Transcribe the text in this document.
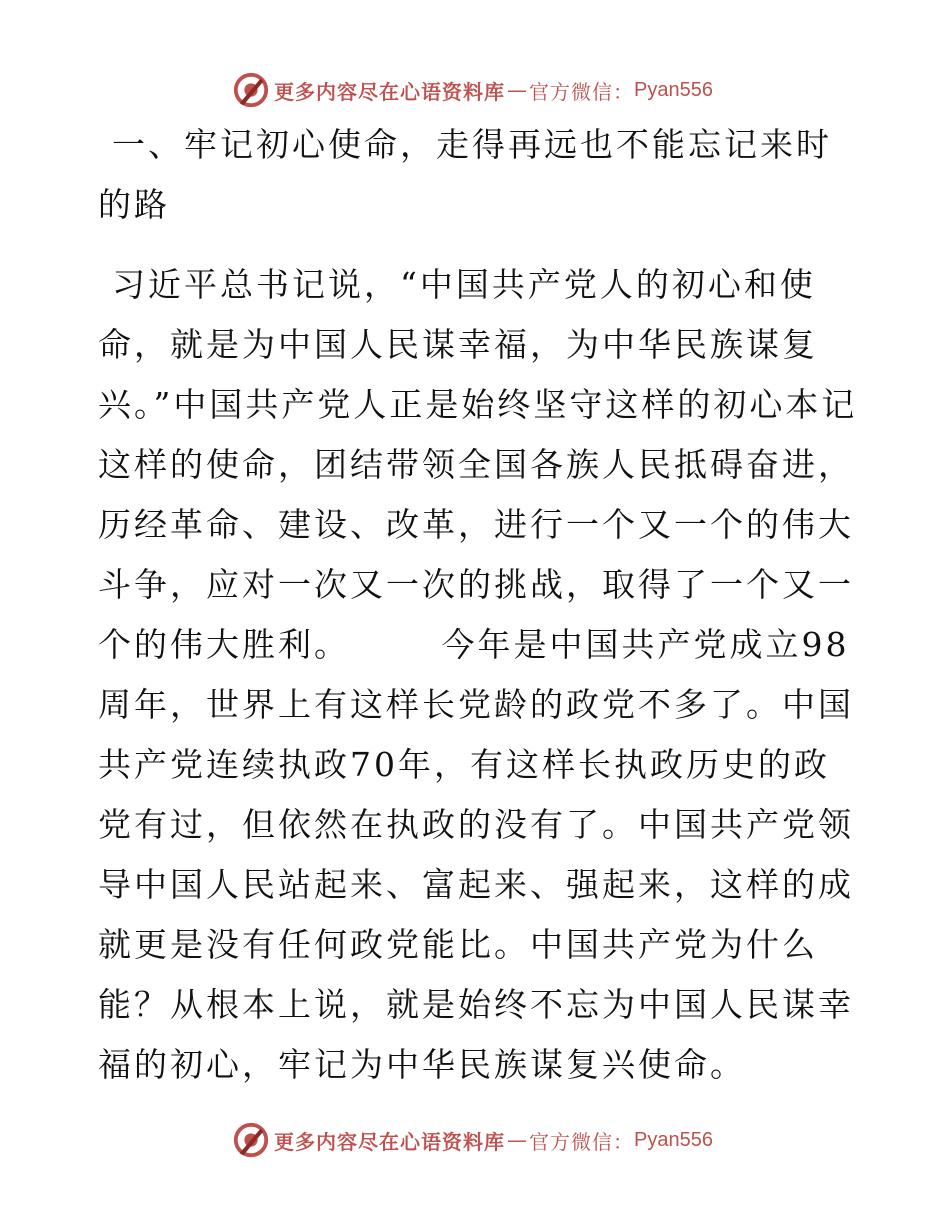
更多内容尽在心语资料库 — 官方微信： Pyan556
一、牢记初心使命，走得再远也不能忘记来时的路

习近平总书记说，“中国共产党人的初心和使命，就是为中国人民谋幸福，为中华民族谋复兴。”中国共产党人正是始终坚守这样的初心本记这样的使命，团结带领全国各族人民抵碍奋进，历经革命、建设、改革，进行一个又一个的伟大斗争，应对一次又一次的挑战，取得了一个又一个的伟大胜利。　　　今年是中国共产党成立98周年，世界上有这样长党龄的政党不多了。中国共产党连续执政70年，有这样长执政历史的政党有过，但依然在执政的没有了。中国共产党领导中国人民站起来、富起来、强起来，这样的成就更是没有任何政党能比。中国共产党为什么能？从根本上说，就是始终不忘为中国人民谋幸福的初心，牢记为中华民族谋复兴使命。

更多内容尽在心语资料库 — 官方微信： Pyan556
